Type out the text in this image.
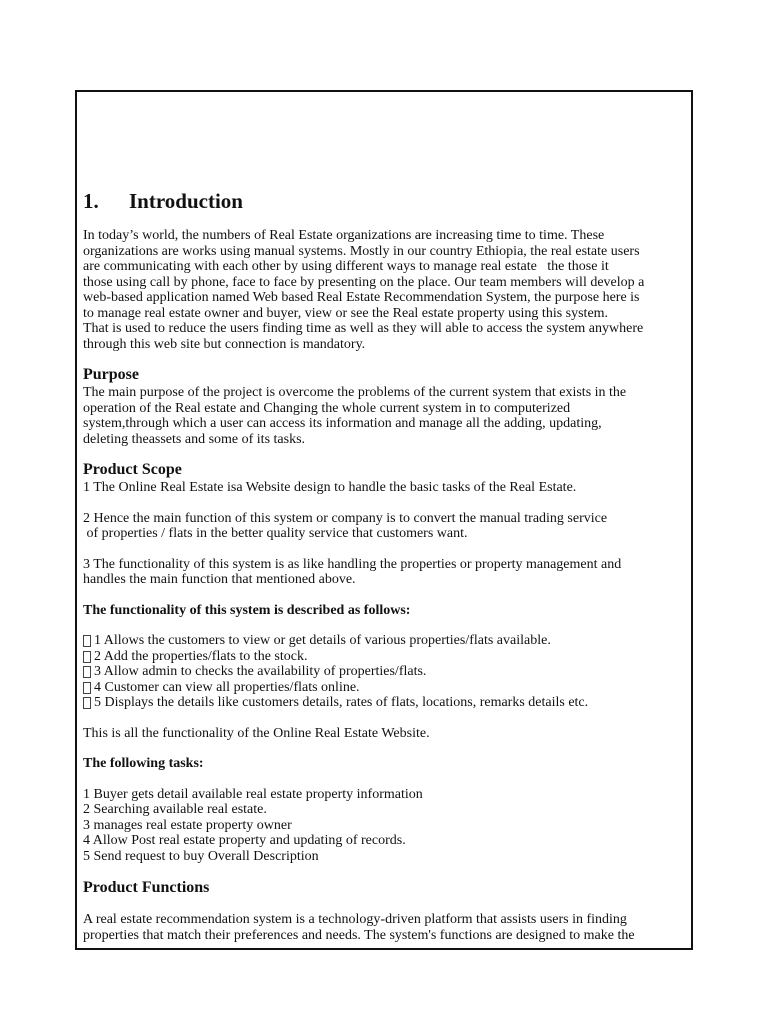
1. Introduction

In today’s world, the numbers of Real Estate organizations are increasing time to time. These
organizations are works using manual systems. Mostly in our country Ethiopia, the real estate users
are communicating with each other by using different ways to manage real estate   the those it
those using call by phone, face to face by presenting on the place. Our team members will develop a
web-based application named Web based Real Estate Recommendation System, the purpose here is
to manage real estate owner and buyer, view or see the Real estate property using this system.
That is used to reduce the users finding time as well as they will able to access the system anywhere
through this web site but connection is mandatory.

Purpose

The main purpose of the project is overcome the problems of the current system that exists in the
operation of the Real estate and Changing the whole current system in to computerized
system,through which a user can access its information and manage all the adding, updating,
deleting theassets and some of its tasks.

Product Scope

1 The Online Real Estate isa Website design to handle the basic tasks of the Real Estate.

2 Hence the main function of this system or company is to convert the manual trading service
of properties / flats in the better quality service that customers want.

3 The functionality of this system is as like handling the properties or property management and
handles the main function that mentioned above.

The functionality of this system is described as follows:

1 Allows the customers to view or get details of various properties/flats available.
2 Add the properties/flats to the stock.
3 Allow admin to checks the availability of properties/flats.
4 Customer can view all properties/flats online.
5 Displays the details like customers details, rates of flats, locations, remarks details etc.

This is all the functionality of the Online Real Estate Website.

The following tasks:

1 Buyer gets detail available real estate property information

2 Searching available real estate.

3 manages real estate property owner

4 Allow Post real estate property and updating of records.

5 Send request to buy Overall Description

Product Functions

A real estate recommendation system is a technology-driven platform that assists users in finding
properties that match their preferences and needs. The system's functions are designed to make the
